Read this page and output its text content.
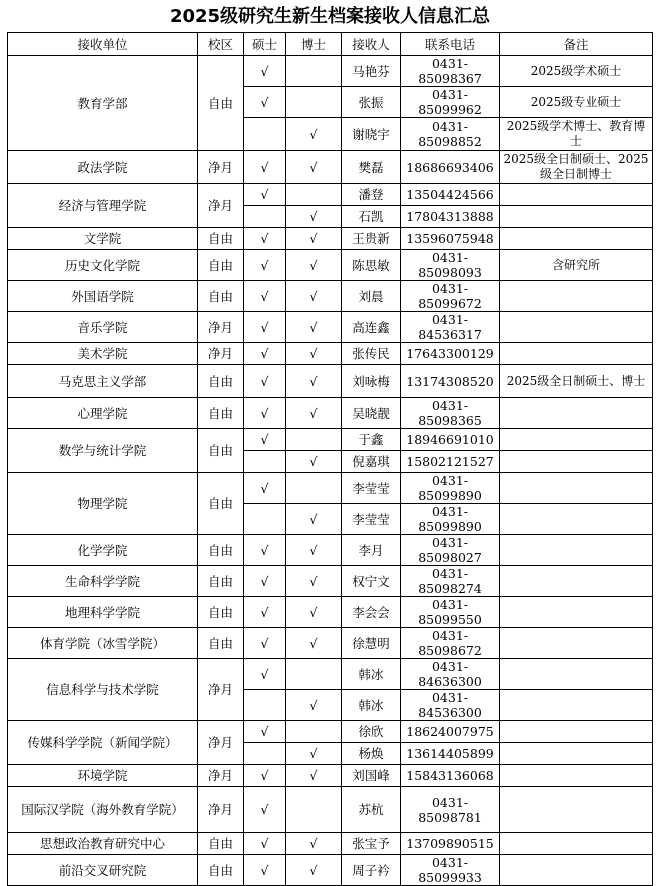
2025级研究生新生档案接收人信息汇总
接收单位	校区	硕士	博士	接收人	联系电话	备注
教育学部	自由	√		马艳芬	0431-85098367	2025级学术硕士
		√		张振	0431-85099962	2025级专业硕士
			√	谢晓宇	0431-85098852	2025级学术博士、教育博士
政法学院	净月	√	√	樊磊	18686693406	2025级全日制硕士、2025级全日制博士
经济与管理学院	净月	√		潘登	13504424566	
			√	石凯	17804313888	
文学院	自由	√	√	王贵新	13596075948	
历史文化学院	自由	√	√	陈思敏	0431-85098093	含研究所
外国语学院	自由	√	√	刘晨	0431-85099672	
音乐学院	净月	√	√	高连鑫	0431-84536317	
美术学院	净月	√	√	张传民	17643300129	
马克思主义学部	自由	√	√	刘咏梅	13174308520	2025级全日制硕士、博士
心理学院	自由	√	√	吴晓靓	0431-85098365	
数学与统计学院	自由	√		于鑫	18946691010	
			√	倪嘉琪	15802121527	
物理学院	自由	√		李莹莹	0431-85099890	
			√	李莹莹	0431-85099890	
化学学院	自由	√	√	李月	0431-85098027	
生命科学学院	自由	√	√	权宁文	0431-85098274	
地理科学学院	自由	√	√	李会会	0431-85099550	
体育学院（冰雪学院）	自由	√	√	徐慧明	0431-85098672	
信息科学与技术学院	净月	√		韩冰	0431-84636300	
			√	韩冰	0431-84536300	
传媒科学学院（新闻学院）	净月	√		徐欣	18624007975	
			√	杨焕	13614405899	
环境学院	净月	√	√	刘国峰	15843136068	
国际汉学院（海外教育学院）	净月	√		苏杭	0431-85098781	
思想政治教育研究中心	自由	√	√	张宝予	13709890515	
前沿交叉研究院	自由	√	√	周子衿	0431-85099933	
